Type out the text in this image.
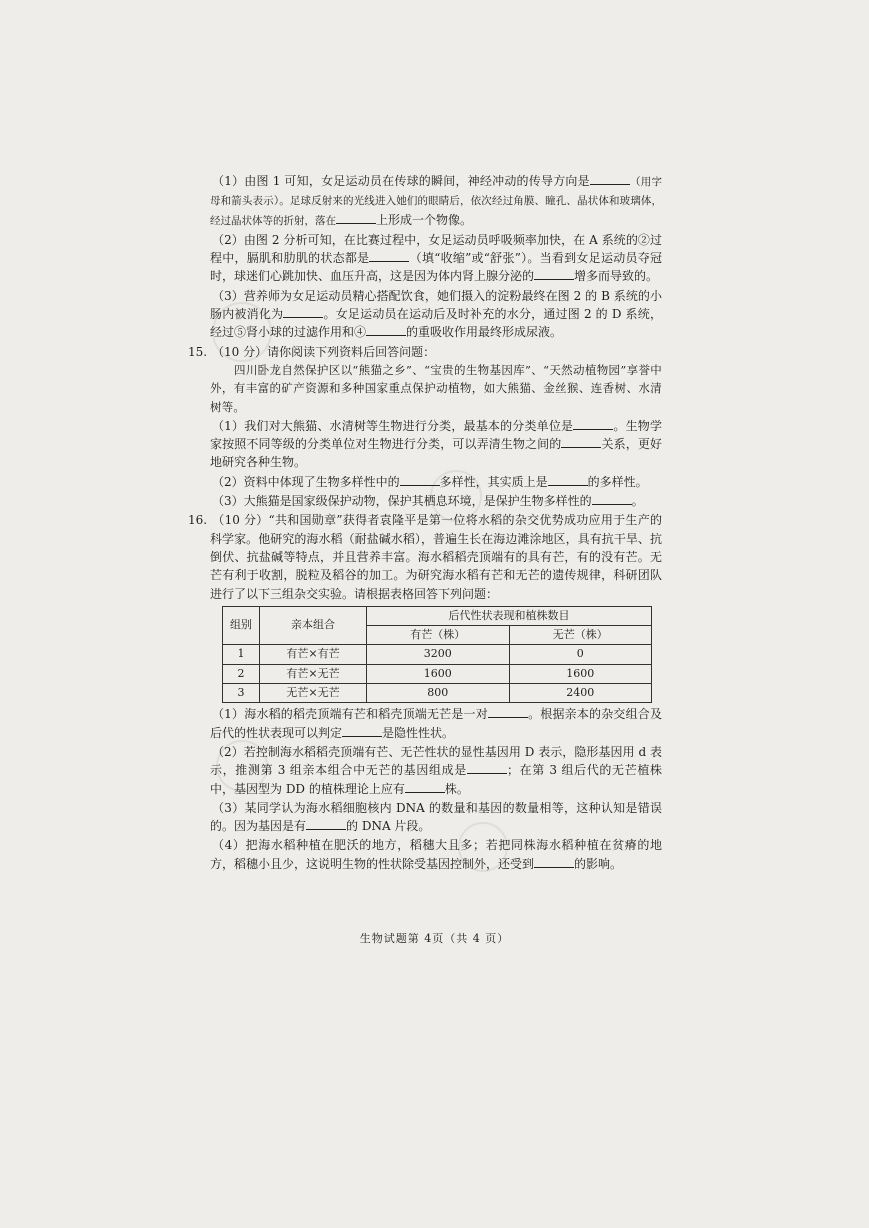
（1）由图 1 可知，女足运动员在传球的瞬间，神经冲动的传导方向是	（用字母和箭头表示）。足球反射来的光线进入她们的眼睛后，依次经过角膜、瞳孔、晶状体和玻璃体，经过晶状体等的折射，落在	上形成一个物像。

（2）由图 2 分析可知，在比赛过程中，女足运动员呼吸频率加快，在 A 系统的②过程中，膈肌和肋肌的状态都是	（填“收缩”或“舒张”）。当看到女足运动员夺冠时，球迷们心跳加快、血压升高，这是因为体内肾上腺分泌的	增多而导致的。

（3）营养师为女足运动员精心搭配饮食，她们摄入的淀粉最终在图 2 的 B 系统的小肠内被消化为	。女足运动员在运动后及时补充的水分，通过图 2 的 D 系统，经过⑤肾小球的过滤作用和④	的重吸收作用最终形成尿液。

15. （10 分）请你阅读下列资料后回答问题：

四川卧龙自然保护区以“熊猫之乡”、“宝贵的生物基因库”、“天然动植物园”享誉中外，有丰富的矿产资源和多种国家重点保护动植物，如大熊猫、金丝猴、连香树、水清树等。

（1）我们对大熊猫、水清树等生物进行分类，最基本的分类单位是	。生物学家按照不同等级的分类单位对生物进行分类，可以弄清生物之间的	关系，更好地研究各种生物。

（2）资料中体现了生物多样性中的	多样性，其实质上是	的多样性。

（3）大熊猫是国家级保护动物，保护其栖息环境，是保护生物多样性的	。

16. （10 分）“共和国勋章”获得者袁隆平是第一位将水稻的杂交优势成功应用于生产的科学家。他研究的海水稻（耐盐碱水稻），普遍生长在海边滩涂地区，具有抗干旱、抗倒伏、抗盐碱等特点，并且营养丰富。海水稻稻壳顶端有的具有芒，有的没有芒。无芒有利于收割，脱粒及稻谷的加工。为研究海水稻有芒和无芒的遗传规律，科研团队进行了以下三组杂交实验。请根据表格回答下列问题：

组别	亲本组合	后代性状表现和植株数目	
		有芒（株）	无芒（株）
1	有芒×有芒	3200	0
2	有芒×无芒	1600	1600
3	无芒×无芒	800	2400

（1）海水稻的稻壳顶端有芒和稻壳顶端无芒是一对	。根据亲本的杂交组合及后代的性状表现可以判定	是隐性性状。

（2）若控制海水稻稻壳顶端有芒、无芒性状的显性基因用 D 表示，隐形基因用 d 表示，推测第 3 组亲本组合中无芒的基因组成是	；在第 3 组后代的无芒植株中，基因型为 DD 的植株理论上应有	株。

（3）某同学认为海水稻细胞核内 DNA 的数量和基因的数量相等，这种认知是错误的。因为基因是有	的 DNA 片段。

（4）把海水稻种植在肥沃的地方，稻穗大且多；若把同株海水稻种植在贫瘠的地方，稻穗小且少，这说明生物的性状除受基因控制外，还受到	的影响。

生物试题第 4页（共 4 页）
